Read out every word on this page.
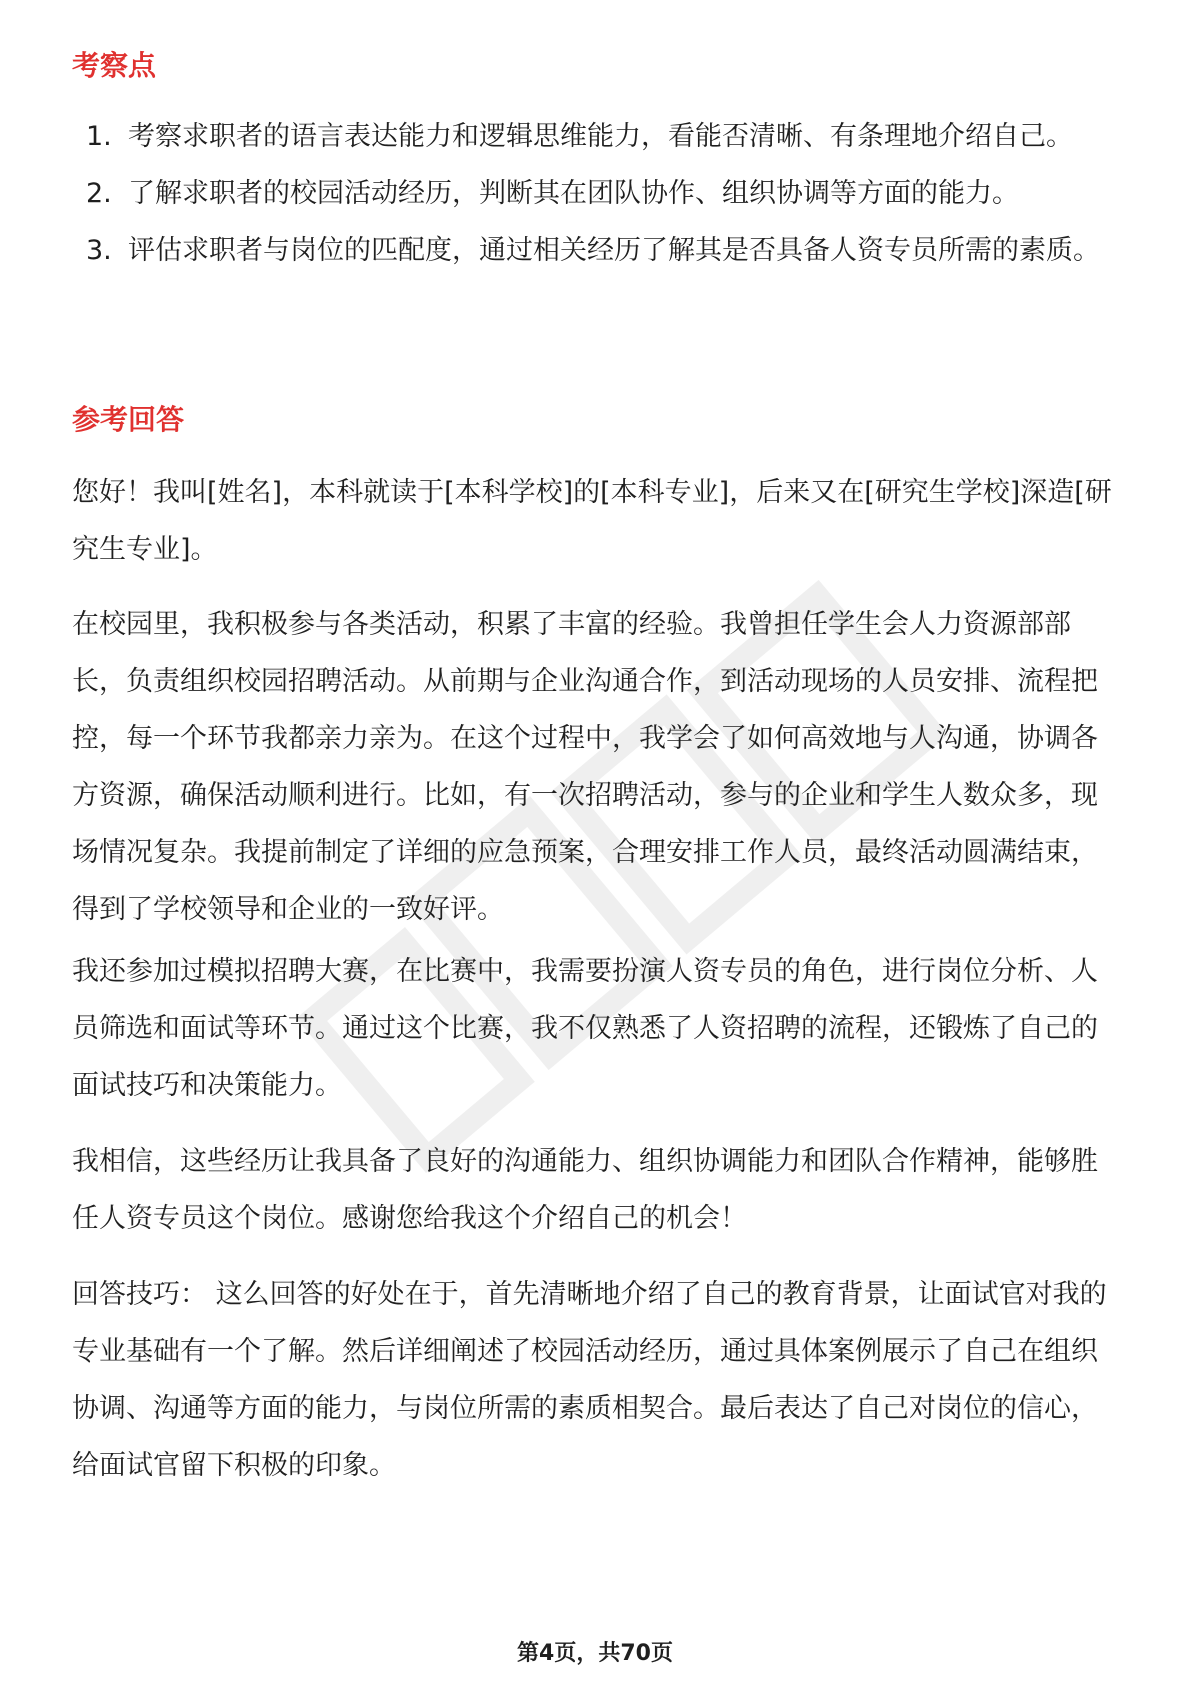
考察点
1. 考察求职者的语言表达能力和逻辑思维能力，看能否清晰、有条理地介绍自己。
2. 了解求职者的校园活动经历，判断其在团队协作、组织协调等方面的能力。
3. 评估求职者与岗位的匹配度，通过相关经历了解其是否具备人资专员所需的素质。
参考回答

您好！我叫[姓名]，本科就读于[本科学校]的[本科专业]，后来又在[研究生学校]深造[研究生专业]。

在校园里，我积极参与各类活动，积累了丰富的经验。我曾担任学生会人力资源部部长，负责组织校园招聘活动。从前期与企业沟通合作，到活动现场的人员安排、流程把控，每一个环节我都亲力亲为。在这个过程中，我学会了如何高效地与人沟通，协调各方资源，确保活动顺利进行。比如，有一次招聘活动，参与的企业和学生人数众多，现场情况复杂。我提前制定了详细的应急预案，合理安排工作人员，最终活动圆满结束，得到了学校领导和企业的一致好评。

我还参加过模拟招聘大赛，在比赛中，我需要扮演人资专员的角色，进行岗位分析、人员筛选和面试等环节。通过这个比赛，我不仅熟悉了人资招聘的流程，还锻炼了自己的面试技巧和决策能力。

我相信，这些经历让我具备了良好的沟通能力、组织协调能力和团队合作精神，能够胜任人资专员这个岗位。感谢您给我这个介绍自己的机会！

回答技巧： 这么回答的好处在于，首先清晰地介绍了自己的教育背景，让面试官对我的专业基础有一个了解。然后详细阐述了校园活动经历，通过具体案例展示了自己在组织协调、沟通等方面的能力，与岗位所需的素质相契合。最后表达了自己对岗位的信心，给面试官留下积极的印象。

第4页，共70页
